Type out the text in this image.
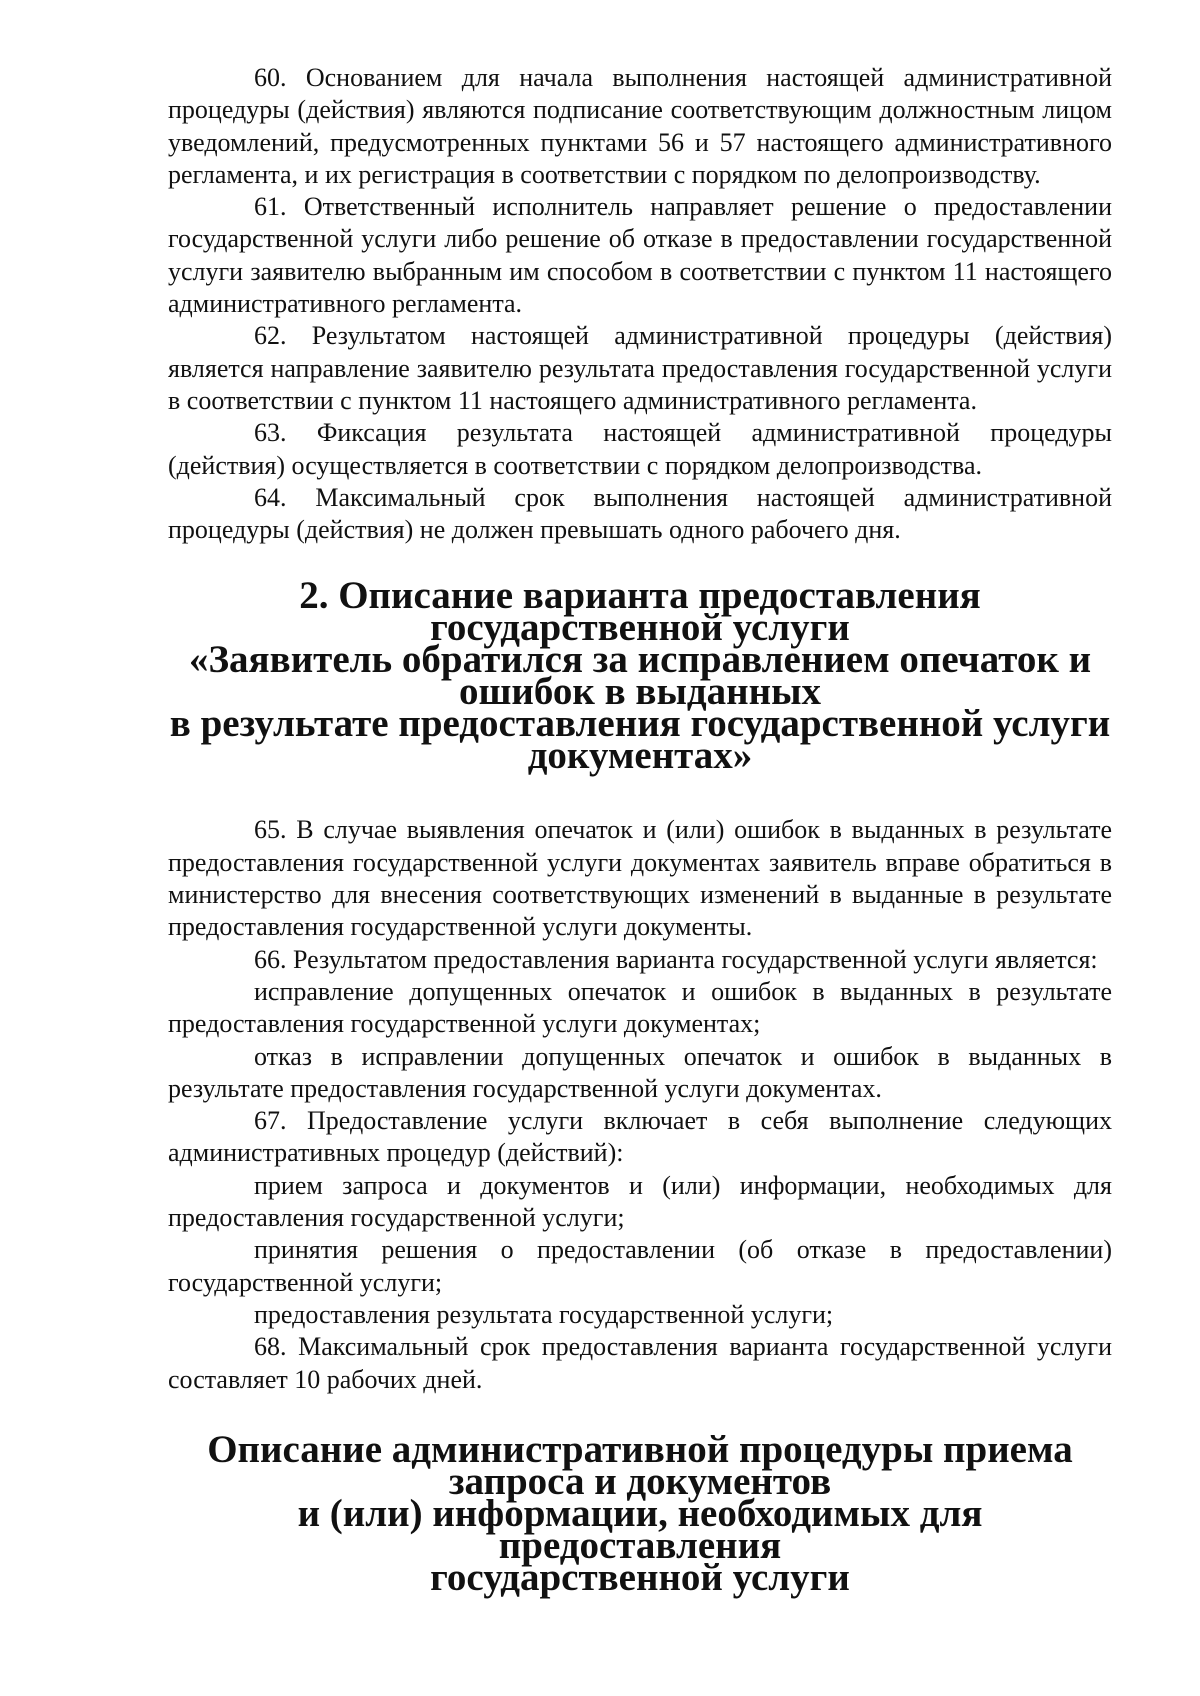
60. Основанием для начала выполнения настоящей административной процедуры (действия) являются подписание соответствующим должностным лицом уведомлений, предусмотренных пунктами 56 и 57 настоящего административного регламента, и их регистрация в соответствии с порядком по делопроизводству.

61. Ответственный исполнитель направляет решение о предоставлении государственной услуги либо решение об отказе в предоставлении государственной услуги заявителю выбранным им способом в соответствии с пунктом 11 настоящего административного регламента.

62. Результатом настоящей административной процедуры (действия) является направление заявителю результата предоставления государственной услуги в соответствии с пунктом 11 настоящего административного регламента.

63. Фиксация результата настоящей административной процедуры (действия) осуществляется в соответствии с порядком делопроизводства.

64. Максимальный срок выполнения настоящей административной процедуры (действия) не должен превышать одного рабочего дня.

2. Описание варианта предоставления государственной услуги
«Заявитель обратился за исправлением опечаток и ошибок в выданных
в результате предоставления государственной услуги документах»

65. В случае выявления опечаток и (или) ошибок в выданных в результате предоставления государственной услуги документах заявитель вправе обратиться в министерство для внесения соответствующих изменений в выданные в результате предоставления государственной услуги документы.

66. Результатом предоставления варианта государственной услуги является:

исправление допущенных опечаток и ошибок в выданных в результате предоставления государственной услуги документах;

отказ в исправлении допущенных опечаток и ошибок в выданных в результате предоставления государственной услуги документах.

67. Предоставление услуги включает в себя выполнение следующих административных процедур (действий):

прием запроса и документов и (или) информации, необходимых для предоставления государственной услуги;

принятия решения о предоставлении (об отказе в предоставлении) государственной услуги;

предоставления результата государственной услуги;

68. Максимальный срок предоставления варианта государственной услуги составляет 10 рабочих дней.

Описание административной процедуры приема запроса и документов
и (или) информации, необходимых для предоставления
государственной услуги
